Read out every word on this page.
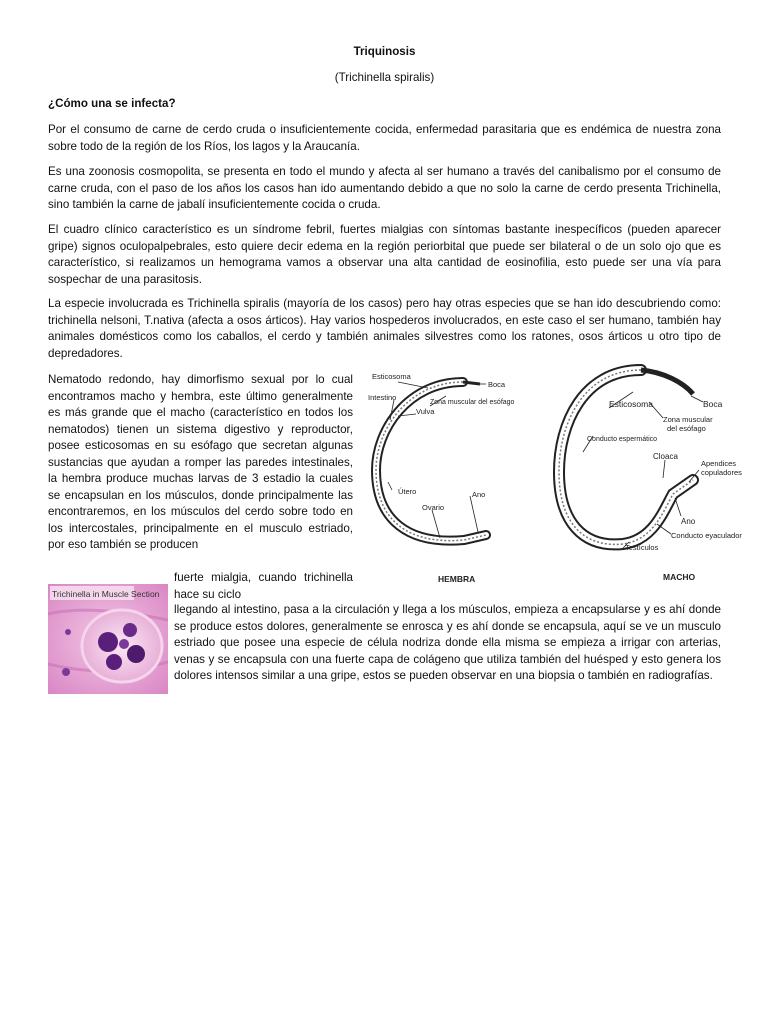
Triquinosis
(Trichinella spiralis)
¿Cómo una se infecta?

Por el consumo de carne de cerdo cruda o insuficientemente cocida, enfermedad parasitaria que es endémica de nuestra zona sobre todo de la región de los Ríos, los lagos y la Araucanía.

Es una zoonosis cosmopolita, se presenta en todo el mundo y afecta al ser humano a través del canibalismo por el consumo de carne cruda, con el paso de los años los casos han ido aumentando debido a que no solo la carne de cerdo presenta Trichinella, sino también la carne de jabalí insuficientemente cocida o cruda.

El cuadro clínico característico es un síndrome febril, fuertes mialgias con síntomas bastante inespecíficos (pueden aparecer gripe) signos oculopalpebrales, esto quiere decir edema en la región periorbital que puede ser bilateral o de un solo ojo que es característico, si realizamos un hemograma vamos a observar una alta cantidad de eosinofilia, esto puede ser una vía para sospechar de una parasitosis.

La especie involucrada es Trichinella spiralis (mayoría de los casos) pero hay otras especies que se han ido descubriendo como: trichinella nelsoni, T.nativa (afecta a osos árticos). Hay varios hospederos involucrados, en este caso el ser humano, también hay animales domésticos como los caballos, el cerdo y también animales silvestres como los ratones, osos árticos u otro tipo de depredadores.

Nematodo redondo, hay dimorfismo sexual por lo cual encontramos macho y hembra, este último generalmente es más grande que el macho (característico en todos los nematodos) tienen un sistema digestivo y reproductor, posee esticosomas en su esófago que secretan algunas sustancias que ayudan a romper las paredes intestinales, la hembra produce muchas larvas de 3 estadio la cuales se encapsulan en los músculos, donde principalmente las encontraremos, en los músculos del cerdo sobre todo en los intercostales, principalmente en el musculo estriado, por eso también se producen

fuerte mialgia, cuando trichinella hace su ciclo

llegando al intestino, pasa a la circulación y llega a los músculos, empieza a encapsularse y es ahí donde se produce estos dolores, generalmente se enrosca y es ahí donde se encapsula, aquí se ve un musculo estriado que posee una especie de célula nodriza donde ella misma se empieza a irrigar con arterias, venas y se encapsula con una fuerte capa de colágeno que utiliza también del huésped y esto genera los dolores intensos similar a una gripe, estos se pueden observar en una biopsia o también en radiografías.

Trichinella in Muscle Section
Esticosoma
Boca
Intestino
Zona muscular del esófago
Vulva
Útero	Ano
Ovario
HEMBRA
Esticosoma	Boca
Zona muscular
del esófago
Conducto espermático
Cloaca
Apendices
copuladores
Ano
Conducto eyaculador
Testículos
MACHO
